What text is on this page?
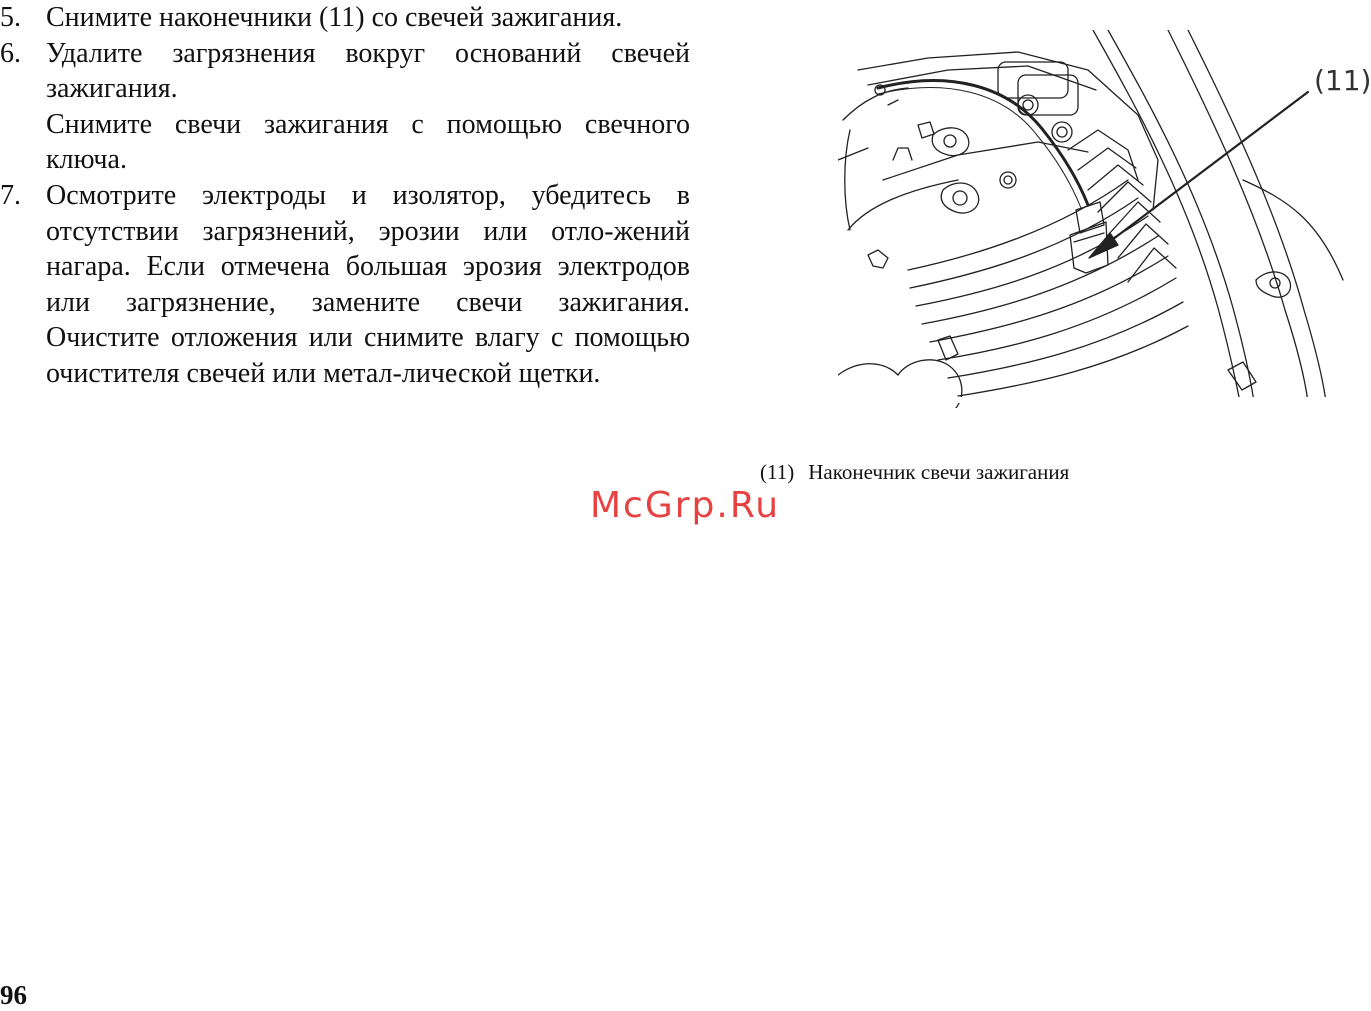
5. Снимите наконечники (11) со свечей зажигания.

6. Удалите загрязнения вокруг оснований свечей зажигания.

Снимите свечи зажигания с помощью свечного ключа.

7. Осмотрите электроды и изолятор, убедитесь в отсутствии загрязнений, эрозии или отло-жений нагара. Если отмечена большая эрозия электродов или загрязнение, замените свечи зажигания. Очистите отложения или снимите влагу с помощью очистителя свечей или метал-лической щетки.

(11)
(11) Наконечник свечи зажигания
McGrp.Ru
96
